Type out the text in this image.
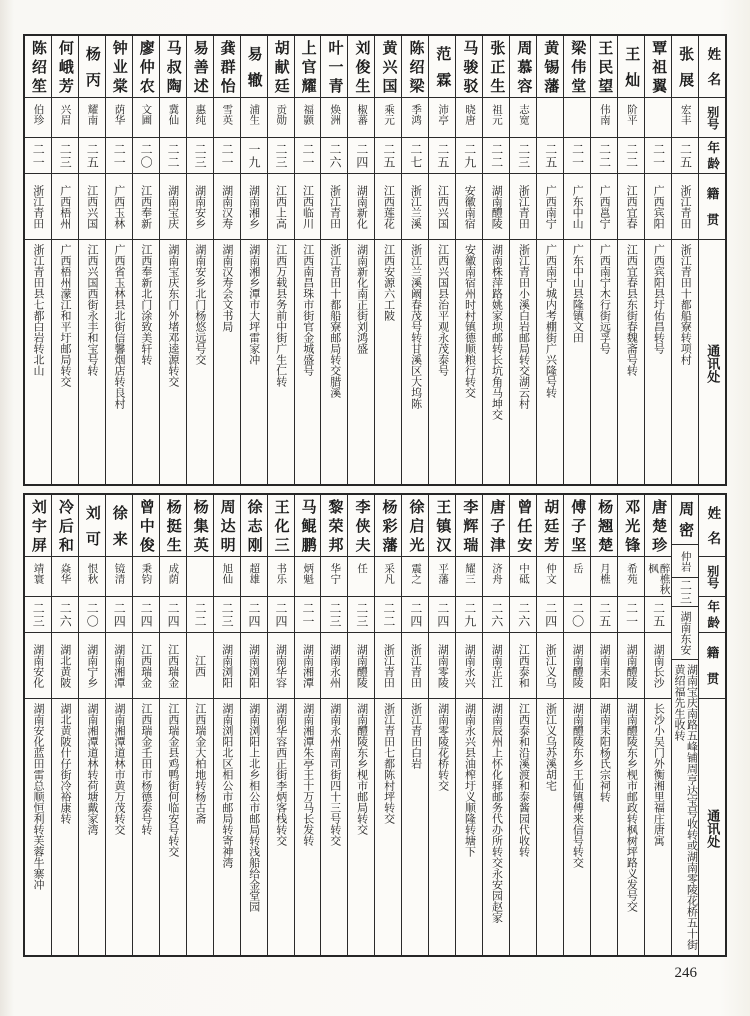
姓
名
别
号
年
龄
籍
贯
通
讯
处
张
展
宏丰
二五
浙江青田
浙江青田十都船寮转项村
覃
祖
翼
二一
广西宾阳
广西宾阳县圩佑昌转号
王
灿
阶平
二二
江西宜春
江西宜春县东街春魏斋号转
王
民
望
伟南
二二
广西邕宁
广西南宁木行街远孚号
梁
伟
堂
二一
广东中山
广东中山县隆镇文田
黄
锡
藩
二五
广西南宁
广西南宁城内考棚街广兴隆号转
周
慕
容
志宽
二三
浙江青田
浙江青田小溪白岩邮局转交湖云村
张
正
生
祖元
二二
湖南醴陵
湖南株萍路姚家坝邮转长坑角马坤交
马
骏
驳
晓唐
二九
安徽南宿
安徽南宿州时村镇德顺粮行转交
范
霖
沛亭
二五
江西兴国
江西兴国县治平观永茂泰号
陈
绍
梁
季鸿
二七
浙江兰溪
浙江兰溪阚春茂号转甘溪区大坞陈
黄
兴
国
乘元
二五
江西莲花
江西安源六工陂
刘
俊
生
椒蕃
二四
湖南新化
湖南新化南正街刘鸿盛
叶
一
青
焕洲
二六
浙江青田
浙江青田十都船寮邮局转交腊溪
上
官
耀
福颢
二一
江西临川
江西南昌珠市街官金城盛号
胡
献
廷
贡勋
二三
江西上高
江西万载县务前中街广生仁转
易
辙
浦生
一九
湖南湘乡
湖南湘乡潭市大坪雷家冲
龚
群
怡
雪英
二一
湖南汉寿
湖南汉寿会文书局
易
善
述
惠纯
二三
湖南安乡
湖南安乡北门杨悠远号交
马
叔
陶
冀仙
二二
湖南宝庆
湖南宝庆东门外堵邓逵源转交
廖
仲
农
文圃
二〇
江西奉新
江西奉新北门涂致美轩转
钟
业
棠
荫华
二一
广西玉林
广西省玉林县北街信馨烟店转良村
杨
丙
耀南
二五
江西兴国
江西兴国西街永丰和宝号转
何
峨
芳
兴眉
二三
广西梧州
广西梧州濛江和平圩邮局转交
陈
绍
笙
伯珍
二一
浙江青田
浙江青田县七都白岩转北山
姓
名
别
号
年
龄
籍
贯
通
讯
处
周
密
仲岩
二三
湖南东安
湖南宝庆南路五峰铺周亨达宝号收转或湖南零陵花桥五十街黄绍福先生收转
唐
楚
珍
醉樵秋枫
二五
湖南长沙
长沙小吴门外衡湘里福庄唐寓
邓
光
锋
希苑
二一
湖南醴陵
湖南醴陵东乡枧市邮政转枫树坪路义发号交
杨
翘
楚
月樵
二五
湖南耒阳
湖南耒阳杨氏宗祠转
傅
子
坚
岳
二〇
湖南醴陵
湖南醴陵东乡王仙镇傅来信号转交
胡
廷
芳
仲文
二四
浙江义乌
浙江义乌苏溪胡宅
曾
任
安
中砥
二六
江西泰和
江西泰和沿溪渡和泰酱园代收转
唐
子
津
济舟
二六
湖南芷江
湖南辰州上怀化驿邮务代办所转交永安园赵家
李
辉
瑞
耀三
二九
湖南永兴
湖南永兴县油榨圩义顺隆转塘下
王
镇
汉
平藩
二四
湖南零陵
湖南零陵花桥转交
徐
启
光
震之
二四
浙江青田
浙江青田白岩
杨
彩
藩
采凡
二二
浙江青田
浙江青田七都陈村坪转交
李
侠
夫
任
二三
湖南醴陵
湖南醴陵东乡枧市邮局转交
黎
荣
邦
华宁
二三
湖南永州
湖南永州南司街四十三号转交
马
鲲
鹏
炳魁
二一
湖南湘潭
湖南湘潭朱亭王十万马长发转
王
化
三
书乐
二四
湖南华容
湖南华容西正街李炳客栈转交
徐
志
刚
超雄
二四
湖南浏阳
湖南浏阳上北乡相公市邮局转浅船给金堂园
周
达
明
旭仙
二三
湖南浏阳
湖南浏阳北区相公市邮局转寄神湾
杨
集
英
二二
江西
江西瑞金大柏地转杨古斋
杨
挺
生
成荫
二四
江西瑞金
江西瑞金县鸡鸭街何临安号转交
曾
中
俊
秉钧
二四
江西瑞金
江西瑞金壬田市杨德泰号转
徐
来
镜清
二四
湖南湘潭
湖南湘潭道林市黄万茂转交
刘
可
恨秋
二〇
湖南宁乡
湖南湘潭道林转荷塘戴家湾
冷
后
和
焱华
二六
湖北黄陂
湖北黄陂什仔街冷裕康转
刘
宇
屏
靖寰
二三
湖南安化
湖南安化蓝田雷总顺恒利转芙蓉牛寨冲
246
